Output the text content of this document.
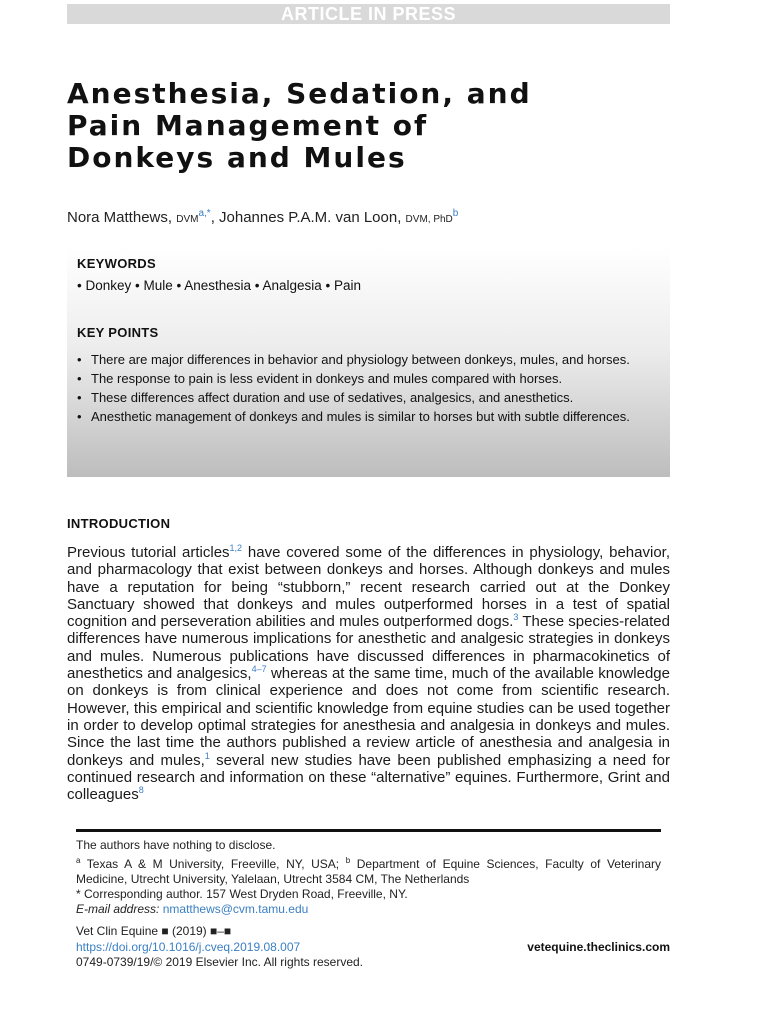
ARTICLE IN PRESS
Anesthesia, Sedation, and
Pain Management of
Donkeys and Mules
Nora Matthews, $DVM^{a,*}$, Johannes P.A.M. van Loon, DVM, PhD$^b$
KEYWORDS
• Donkey • Mule • Anesthesia • Analgesia • Pain
KEY POINTS
• There are major differences in behavior and physiology between donkeys, mules, and horses.
• The response to pain is less evident in donkeys and mules compared with horses.
• These differences affect duration and use of sedatives, analgesics, and anesthetics.
• Anesthetic management of donkeys and mules is similar to horses but with subtle differences.
INTRODUCTION

Previous tutorial articles$^{1,2}$ have covered some of the differences in physiology, behavior, and pharmacology that exist between donkeys and horses. Although donkeys and mules have a reputation for being “stubborn,” recent research carried out at the Donkey Sanctuary showed that donkeys and mules outperformed horses in a test of spatial cognition and perseveration abilities and mules outperformed dogs.$^3$ These species-related differences have numerous implications for anesthetic and analgesic strategies in donkeys and mules. Numerous publications have discussed differences in pharmacokinetics of anesthetics and analgesics,$^{4-7}$ whereas at the same time, much of the available knowledge on donkeys is from clinical experience and does not come from scientific research. However, this empirical and scientific knowledge from equine studies can be used together in order to develop optimal strategies for anesthesia and analgesia in donkeys and mules. Since the last time the authors published a review article of anesthesia and analgesia in donkeys and mules,$^1$ several new studies have been published emphasizing a need for continued research and information on these “alternative” equines. Furthermore, Grint and colleagues$^8$

The authors have nothing to disclose.

$^a$ Texas A & M University, Freeville, NY, USA; $^b$ Department of Equine Sciences, Faculty of Veterinary Medicine, Utrecht University, Yalelaan, Utrecht 3584 CM, The Netherlands

* Corresponding author. 157 West Dryden Road, Freeville, NY.

E-mail address: nmatthews@cvm.tamu.edu

Vet Clin Equine ■ (2019) ■–■
https://doi.org/10.1016/j.cveq.2019.08.007
0749-0739/19/© 2019 Elsevier Inc. All rights reserved.
vetequine.theclinics.com
